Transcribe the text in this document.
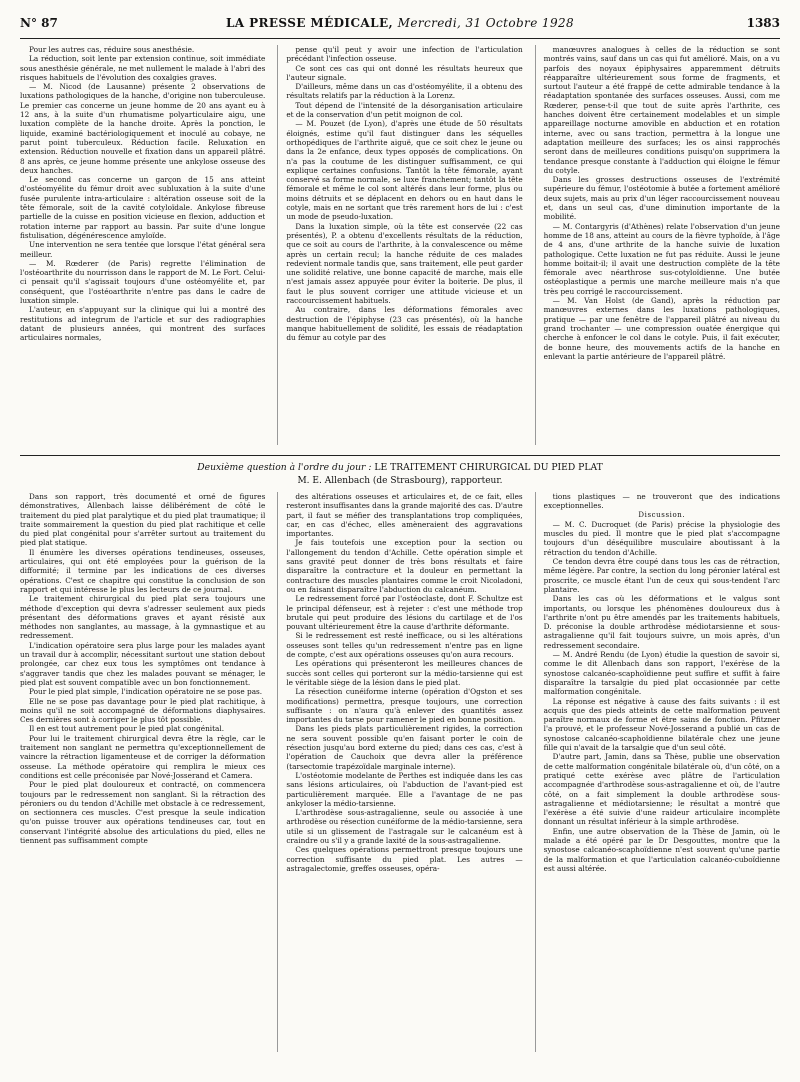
N° 87	LA PRESSE MÉDICALE, Mercredi, 31 Octobre 1928	1383

Pour les autres cas, réduire sous anesthésie.

La réduction, soit lente par extension continue, soit immédiate sous anesthésie générale, ne met nullement le malade à l'abri des risques habituels de l'évolution des coxalgies graves.

— M. Nicod (de Lausanne) présente 2 observations de luxations pathologiques de la hanche, d'origine non tuberculeuse. Le premier cas concerne un jeune homme de 20 ans ayant eu à 12 ans, à la suite d'un rhumatisme polyarticulaire aigu, une luxation complète de la hanche droite. Après la ponction, le liquide, examiné bactériologiquement et inoculé au cobaye, ne parut point tuberculeux. Réduction facile. Reluxation en extension. Réduction nouvelle et fixation dans un appareil plâtré. 8 ans après, ce jeune homme présente une ankylose osseuse des deux hanches.

Le second cas concerne un garçon de 15 ans atteint d'ostéomyélite du fémur droit avec subluxation à la suite d'une fusée purulente intra-articulaire : altération osseuse soit de la tête fémorale, soit de la cavité cotyloïdale. Ankylose fibreuse partielle de la cuisse en position vicieuse en flexion, adduction et rotation interne par rapport au bassin. Par suite d'une longue fistulisation, dégénérescence amyloïde.

Une intervention ne sera tentée que lorsque l'état général sera meilleur.

— M. Rœderer (de Paris) regrette l'élimination de l'ostéoarthrite du nourrisson dans le rapport de M. Le Fort. Celui-ci pensait qu'il s'agissait toujours d'une ostéomyélite et, par conséquent, que l'ostéoarthrite n'entre pas dans le cadre de luxation simple.

L'auteur, en s'appuyant sur la clinique qui lui a montré des restitutions ad integrum de l'article et sur des radiographies datant de plusieurs années, qui montrent des surfaces articulaires normales,

pense qu'il peut y avoir une infection de l'articulation précédant l'infection osseuse.

Ce sont ces cas qui ont donné les résultats heureux que l'auteur signale.

D'ailleurs, même dans un cas d'ostéomyélite, il a obtenu des résultats relatifs par la réduction à la Lorenz.

Tout dépend de l'intensité de la désorganisation articulaire et de la conservation d'un petit moignon de col.

— M. Pouzet (de Lyon), d'après une étude de 50 résultats éloignés, estime qu'il faut distinguer dans les séquelles orthopédiques de l'arthrite aiguë, que ce soit chez le jeune ou dans la 2e enfance, deux types opposés de complications. On n'a pas la coutume de les distinguer suffisamment, ce qui explique certaines confusions. Tantôt la tête fémorale, ayant conservé sa forme normale, se luxe franchement; tantôt la tête fémorale et même le col sont altérés dans leur forme, plus ou moins détruits et se déplacent en dehors ou en haut dans le cotyle, mais en ne sortant que très rarement hors de lui : c'est un mode de pseudo-luxation.

Dans la luxation simple, où la tête est conservée (22 cas présentés), P. a obtenu d'excellents résultats de la réduction, que ce soit au cours de l'arthrite, à la convalescence ou même après un certain recul; la hanche réduite de ces malades redevient normale tandis que, sans traitement, elle peut garder une solidité relative, une bonne capacité de marche, mais elle n'est jamais assez appuyée pour éviter la boiterie. De plus, il faut le plus souvent corriger une attitude vicieuse et un raccourcissement habituels.

Au contraire, dans les déformations fémorales avec destruction de l'épiphyse (23 cas présentés), où la hanche manque habituellement de solidité, les essais de réadaptation du fémur au cotyle par des

manœuvres analogues à celles de la réduction se sont montrés vains, sauf dans un cas qui fut amélioré. Mais, on a vu parfois des noyaux épiphysaires apparemment détruits réapparaître ultérieurement sous forme de fragments, et surtout l'auteur a été frappé de cette admirable tendance à la réadaptation spontanée des surfaces osseuses. Aussi, com me Rœderer, pense-t-il que tout de suite après l'arthrite, ces hanches doivent être certainement modelables et un simple appareillage nocturne amovible en abduction et en rotation interne, avec ou sans traction, permettra à la longue une adaptation meilleure des surfaces; les os ainsi rapprochés seront dans de meilleures conditions puisqu'on supprimera la tendance presque constante à l'adduction qui éloigne le fémur du cotyle.

Dans les grosses destructions osseuses de l'extrémité supérieure du fémur, l'ostéotomie à butée a fortement amélioré deux sujets, mais au prix d'un léger raccourcissement nouveau et, dans un seul cas, d'une diminution importante de la mobilité.

— M. Contargyris (d'Athènes) relate l'observation d'un jeune homme de 18 ans, atteint au cours de la fièvre typhoïde, à l'âge de 4 ans, d'une arthrite de la hanche suivie de luxation pathologique. Cette luxation ne fut pas réduite. Aussi le jeune homme boitait-il; il avait une destruction complète de la tête fémorale avec néarthrose sus-cotyloïdienne. Une butée ostéoplastique a permis une marche meilleure mais n'a que très peu corrigé le raccourcissement.

— M. Van Holst (de Gand), après la réduction par manœuvres externes dans les luxations pathologiques, pratique — par une fenêtre de l'appareil plâtré au niveau du grand trochanter — une compression ouatée énergique qui cherche à enfoncer le col dans le cotyle. Puis, il fait exécuter, de bonne heure, des mouvements actifs de la hanche en enlevant la partie antérieure de l'appareil plâtré.

Deuxième question à l'ordre du jour : LE TRAITEMENT CHIRURGICAL DU PIED PLAT
M. E. Allenbach (de Strasbourg), rapporteur.

Dans son rapport, très documenté et orné de figures démonstratives, Allenbach laisse délibérément de côté le traitement du pied plat paralytique et du pied plat traumatique; il traite sommairement la question du pied plat rachitique et celle du pied plat congénital pour s'arrêter surtout au traitement du pied plat statique.

Il énumère les diverses opérations tendineuses, osseuses, articulaires, qui ont été employées pour la guérison de la difformité; il termine par les indications de ces diverses opérations. C'est ce chapitre qui constitue la conclusion de son rapport et qui intéresse le plus les lecteurs de ce journal.

Le traitement chirurgical du pied plat sera toujours une méthode d'exception qui devra s'adresser seulement aux pieds présentant des déformations graves et ayant résisté aux méthodes non sanglantes, au massage, à la gymnastique et au redressement.

L'indication opératoire sera plus large pour les malades ayant un travail dur à accomplir, nécessitant surtout une station debout prolongée, car chez eux tous les symptômes ont tendance à s'aggraver tandis que chez les malades pouvant se ménager, le pied plat est souvent compatible avec un bon fonctionnement.

Pour le pied plat simple, l'indication opératoire ne se pose pas.

Elle ne se pose pas davantage pour le pied plat rachitique, à moins qu'il ne soit accompagné de déformations diaphysaires. Ces dernières sont à corriger le plus tôt possible.

Il en est tout autrement pour le pied plat congénital.

Pour lui le traitement chirurgical devra être la règle, car le traitement non sanglant ne permettra qu'exceptionnellement de vaincre la rétraction ligamenteuse et de corriger la déformation osseuse. La méthode opératoire qui remplira le mieux ces conditions est celle préconisée par Nové-Josserand et Camera.

Pour le pied plat douloureux et contracté, on commencera toujours par le redressement non sanglant. Si la rétraction des péroniers ou du tendon d'Achille met obstacle à ce redressement, on sectionnera ces muscles. C'est presque la seule indication qu'on puisse trouver aux opérations tendineuses car, tout en conservant l'intégrité absolue des articulations du pied, elles ne tiennent pas suffisamment compte

des altérations osseuses et articulaires et, de ce fait, elles resteront insuffisantes dans la grande majorité des cas. D'autre part, il faut se méfier des transplantations trop compliquées, car, en cas d'échec, elles amèneraient des aggravations importantes.

Je fais toutefois une exception pour la section ou l'allongement du tendon d'Achille. Cette opération simple et sans gravité peut donner de très bons résultats et faire disparaître la contracture et la douleur en permettant la contracture des muscles plantaires comme le croit Nicoladoni, ou en faisant disparaître l'abduction du calcanéum.

Le redressement forcé par l'ostéoclaste, dont F. Schultze est le principal défenseur, est à rejeter : c'est une méthode trop brutale qui peut produire des lésions du cartilage et de l'os pouvant ultérieurement être la cause d'arthrite déformante.

Si le redressement est resté inefficace, ou si les altérations osseuses sont telles qu'un redressement n'entre pas en ligne de compte, c'est aux opérations osseuses qu'on aura recours.

Les opérations qui présenteront les meilleures chances de succès sont celles qui porteront sur la médio-tarsienne qui est le véritable siège de la lésion dans le pied plat.

La résection cunéiforme interne (opération d'Ogston et ses modifications) permettra, presque toujours, une correction suffisante : on n'aura qu'à enlever des quantités assez importantes du tarse pour ramener le pied en bonne position.

Dans les pieds plats particulièrement rigides, la correction ne sera souvent possible qu'en faisant porter le coin de résection jusqu'au bord externe du pied; dans ces cas, c'est à l'opération de Cauchoix que devra aller la préférence (tarsectomie trapézoïdale marginale interne).

L'ostéotomie modelante de Perthes est indiquée dans les cas sans lésions articulaires, où l'abduction de l'avant-pied est particulièrement marquée. Elle a l'avantage de ne pas ankyloser la médio-tarsienne.

L'arthrodèse sous-astragalienne, seule ou associée à une arthrodèse ou résection cunéiforme de la médio-tarsienne, sera utile si un glissement de l'astragale sur le calcanéum est à craindre ou s'il y a grande laxité de la sous-astragalienne.

Ces quelques opérations permettront presque toujours une correction suffisante du pied plat. Les autres — astragalectomie, greffes osseuses, opéra-

tions plastiques — ne trouveront que des indications exceptionnelles.

Discussion.

— M. C. Ducroquet (de Paris) précise la physiologie des muscles du pied. Il montre que le pied plat s'accompagne toujours d'un déséquilibre musculaire aboutissant à la rétraction du tendon d'Achille.

Ce tendon devra être coupé dans tous les cas de rétraction, même légère. Par contre, la section du long péronier latéral est proscrite, ce muscle étant l'un de ceux qui sous-tendent l'arc plantaire.

Dans les cas où les déformations et le valgus sont importants, ou lorsque les phénomènes douloureux dus à l'arthrite n'ont pu être amendés par les traitements habituels, D. préconise la double arthrodèse médiotarsienne et sous-astragalienne qu'il fait toujours suivre, un mois après, d'un redressement secondaire.

— M. André Rendu (de Lyon) étudie la question de savoir si, comme le dit Allenbach dans son rapport, l'exérèse de la synostose calcanéo-scaphoïdienne peut suffire et suffit à faire disparaître la tarsalgie du pied plat occasionnée par cette malformation congénitale.

La réponse est négative à cause des faits suivants : il est acquis que des pieds atteints de cette malformation peuvent paraître normaux de forme et être sains de fonction. Pfitzner l'a prouvé, et le professeur Nové-Josserand a publié un cas de synostose calcanéo-scaphoïdienne bilatérale chez une jeune fille qui n'avait de la tarsalgie que d'un seul côté.

D'autre part, Jamin, dans sa Thèse, publie une observation de cette malformation congénitale bilatérale où, d'un côté, on a pratiqué cette exérèse avec plâtre de l'articulation accompagnée d'arthrodèse sous-astragalienne et où, de l'autre côté, on a fait simplement la double arthrodèse sous-astragalienne et médiotarsienne; le résultat a montré que l'exérèse a été suivie d'une raideur articulaire incomplète donnant un résultat inférieur à la simple arthrodèse.

Enfin, une autre observation de la Thèse de Jamin, où le malade a été opéré par le Dr Desgouttes, montre que la synostose calcanéo-scaphoïdienne n'est souvent qu'une partie de la malformation et que l'articulation calcanéo-cuboïdienne est aussi altérée.
